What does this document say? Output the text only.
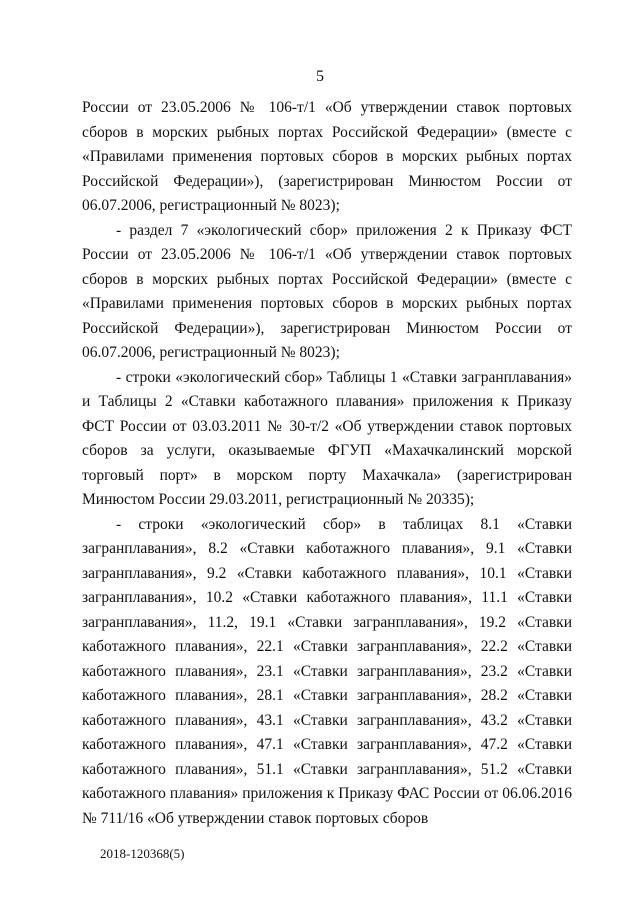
5

России от 23.05.2006 № 106-т/1 «Об утверждении ставок портовых сборов в морских рыбных портах Российской Федерации» (вместе с «Правилами применения портовых сборов в морских рыбных портах Российской Федерации»), (зарегистрирован Минюстом России от 06.07.2006, регистрационный № 8023);

- раздел 7 «экологический сбор» приложения 2 к Приказу ФСТ России от 23.05.2006 № 106-т/1 «Об утверждении ставок портовых сборов в морских рыбных портах Российской Федерации» (вместе с «Правилами применения портовых сборов в морских рыбных портах Российской Федерации»), зарегистрирован Минюстом России от 06.07.2006, регистрационный № 8023);

- строки «экологический сбор» Таблицы 1 «Ставки загранплавания» и Таблицы 2 «Ставки каботажного плавания» приложения к Приказу ФСТ России от 03.03.2011 № 30-т/2 «Об утверждении ставок портовых сборов за услуги, оказываемые ФГУП «Махачкалинский морской торговый порт» в морском порту Махачкала» (зарегистрирован Минюстом России 29.03.2011, регистрационный № 20335);

- строки «экологический сбор» в таблицах 8.1 «Ставки загранплавания», 8.2 «Ставки каботажного плавания», 9.1 «Ставки загранплавания», 9.2 «Ставки каботажного плавания», 10.1 «Ставки загранплавания», 10.2 «Ставки каботажного плавания», 11.1 «Ставки загранплавания», 11.2, 19.1 «Ставки загранплавания», 19.2 «Ставки каботажного плавания», 22.1 «Ставки загранплавания», 22.2 «Ставки каботажного плавания», 23.1 «Ставки загранплавания», 23.2 «Ставки каботажного плавания», 28.1 «Ставки загранплавания», 28.2 «Ставки каботажного плавания», 43.1 «Ставки загранплавания», 43.2 «Ставки каботажного плавания», 47.1 «Ставки загранплавания», 47.2 «Ставки каботажного плавания», 51.1 «Ставки загранплавания», 51.2 «Ставки каботажного плавания» приложения к Приказу ФАС России от 06.06.2016 № 711/16 «Об утверждении ставок портовых сборов

2018-120368(5)
